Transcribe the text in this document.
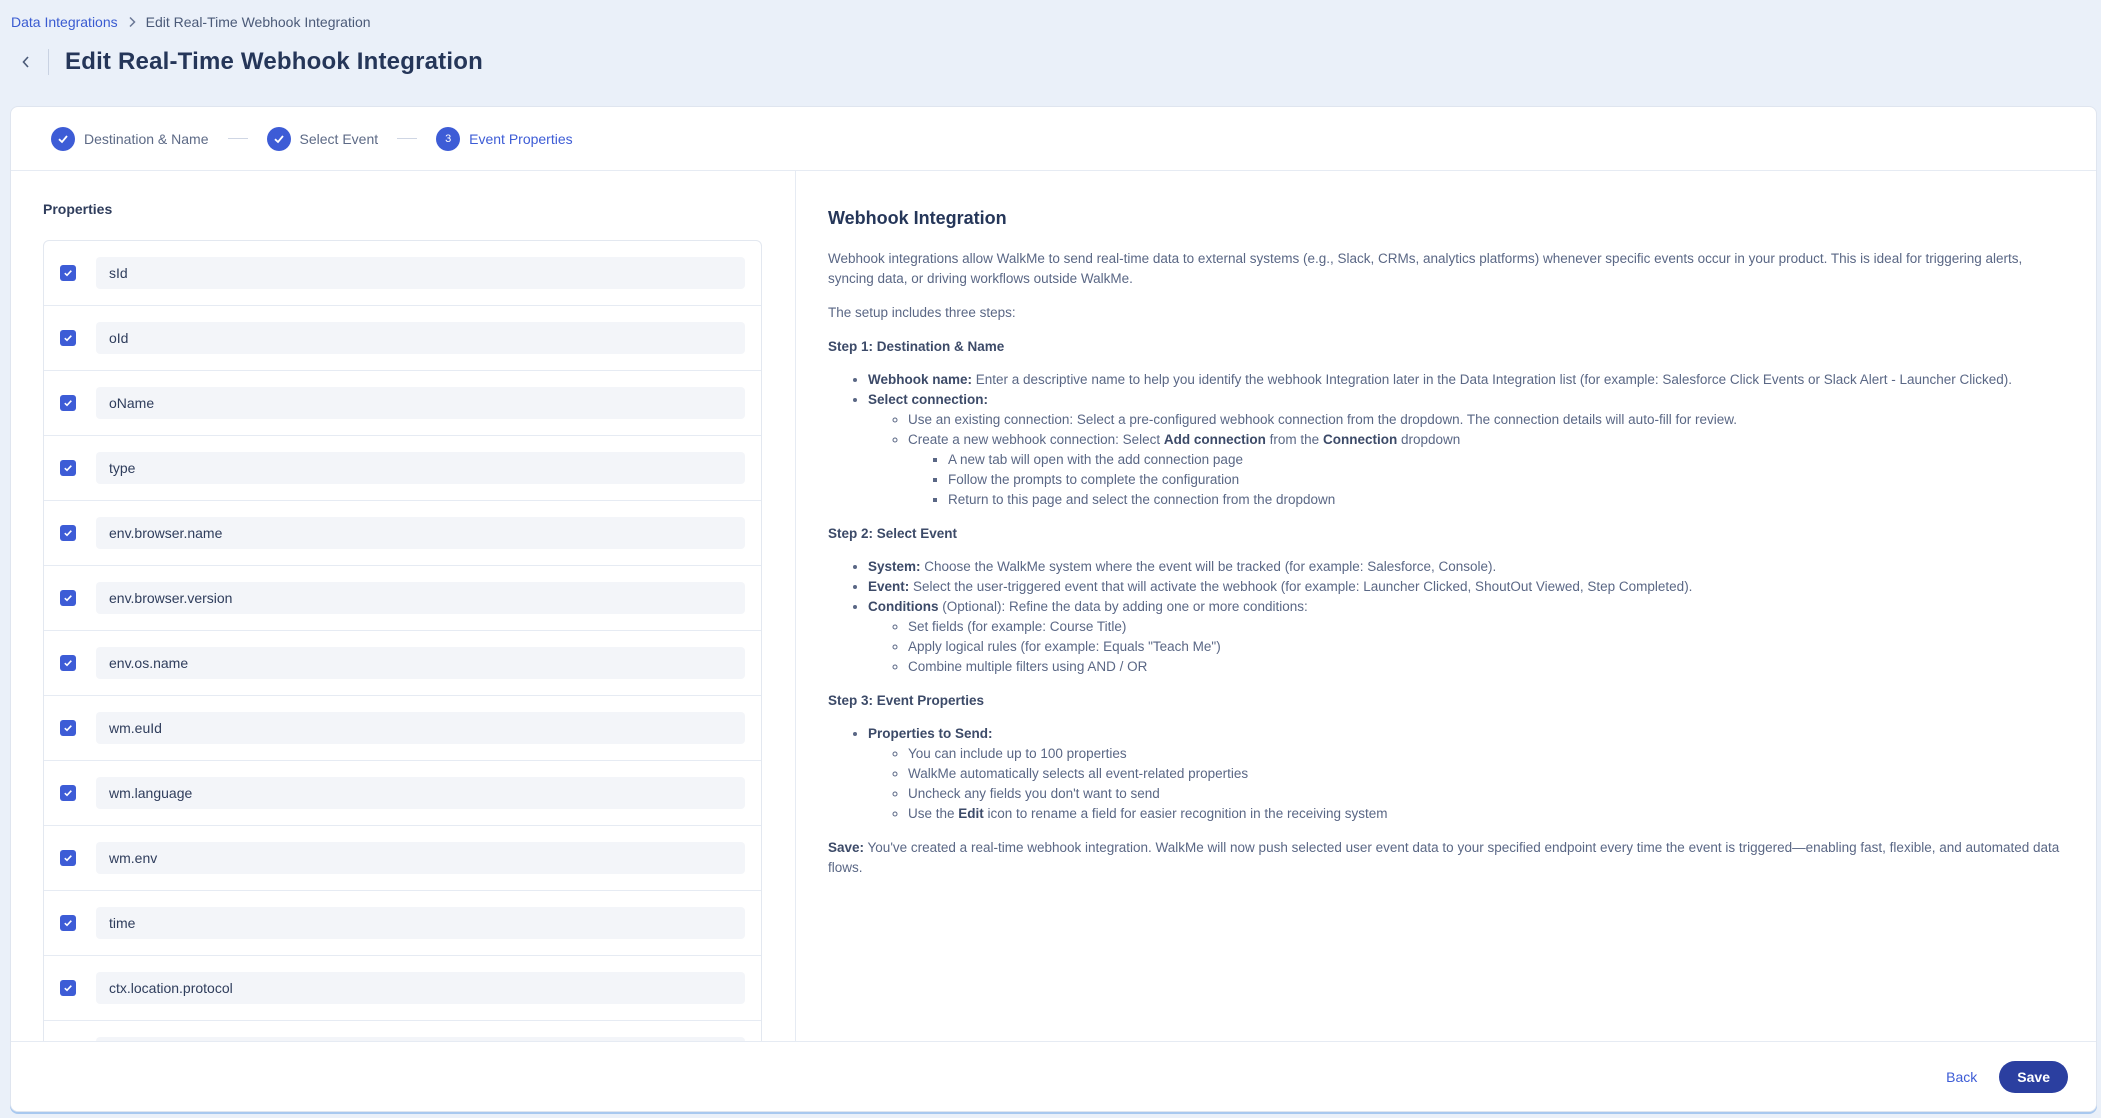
Data Integrations Edit Real-Time Webhook Integration
Edit Real-Time Webhook Integration
Destination & Name	Select Event	3	Event Properties
Properties
sId
oId
oName
type
env.browser.name
env.browser.version
env.os.name
wm.euId
wm.language
wm.env
time
ctx.location.protocol
Webhook Integration

Webhook integrations allow WalkMe to send real-time data to external systems (e.g., Slack, CRMs, analytics platforms) whenever specific events occur in your product. This is ideal for triggering alerts, syncing data, or driving workflows outside WalkMe.

The setup includes three steps:

Step 1: Destination & Name
• Webhook name: Enter a descriptive name to help you identify the webhook Integration later in the Data Integration list (for example: Salesforce Click Events or Slack Alert - Launcher Clicked).
• Select connection:
◦ Use an existing connection: Select a pre-configured webhook connection from the dropdown. The connection details will auto-fill for review.
◦ Create a new webhook connection: Select Add connection from the Connection dropdown
▪ A new tab will open with the add connection page
▪ Follow the prompts to complete the configuration
▪ Return to this page and select the connection from the dropdown
Step 2: Select Event
• System: Choose the WalkMe system where the event will be tracked (for example: Salesforce, Console).
• Event: Select the user-triggered event that will activate the webhook (for example: Launcher Clicked, ShoutOut Viewed, Step Completed).
• Conditions (Optional): Refine the data by adding one or more conditions:
◦ Set fields (for example: Course Title)
◦ Apply logical rules (for example: Equals "Teach Me")
◦ Combine multiple filters using AND / OR
Step 3: Event Properties
• Properties to Send:
◦ You can include up to 100 properties
◦ WalkMe automatically selects all event-related properties
◦ Uncheck any fields you don't want to send
◦ Use the Edit icon to rename a field for easier recognition in the receiving system

Save: You've created a real-time webhook integration. WalkMe will now push selected user event data to your specified endpoint every time the event is triggered—enabling fast, flexible, and automated data flows.

Back	Save
